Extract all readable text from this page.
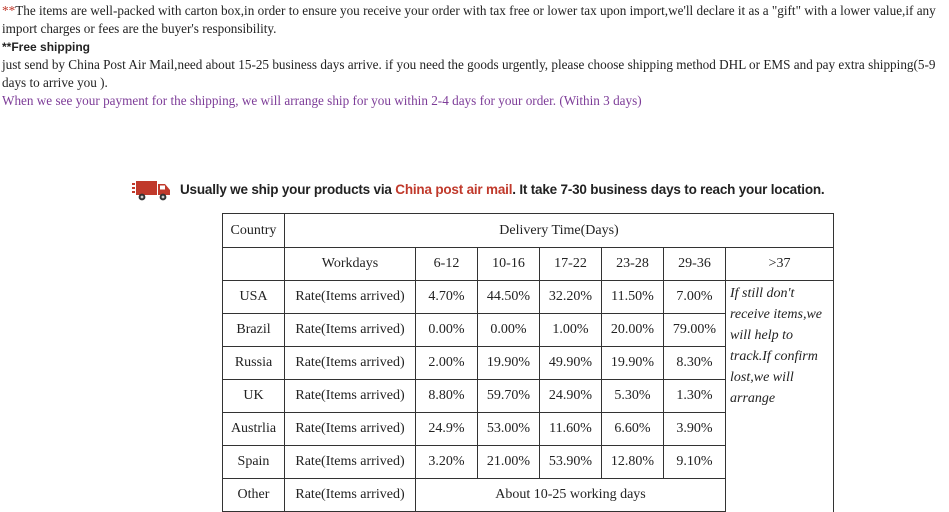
**The items are well-packed with carton box,in order to ensure you receive your order with tax free or lower tax upon import,we'll declare it as a "gift" with a lower value,if any import charges or fees are the buyer's responsibility.

**Free shipping

just send by China Post Air Mail,need about 15-25 business days arrive. if you need the goods urgently, please choose shipping method DHL or EMS and pay extra shipping(5-9 days to arrive you ).

When we see your payment for the shipping, we will arrange ship for you within 2-4 days for your order. (Within 3 days)

Usually we ship your products via China post air mail. It take 7-30 business days to reach your location.
Country	Delivery Time(Days)						
	Workdays	6-12	10-16	17-22	23-28	29-36	>37
USA	Rate(Items arrived)	4.70%	44.50%	32.20%	11.50%	7.00%	If still don't receive items,we will help to track.If confirm lost,we will arrange
Brazil	Rate(Items arrived)	0.00%	0.00%	1.00%	20.00%	79.00%	
Russia	Rate(Items arrived)	2.00%	19.90%	49.90%	19.90%	8.30%	
UK	Rate(Items arrived)	8.80%	59.70%	24.90%	5.30%	1.30%	
Austrlia	Rate(Items arrived)	24.9%	53.00%	11.60%	6.60%	3.90%	
Spain	Rate(Items arrived)	3.20%	21.00%	53.90%	12.80%	9.10%	
Other	Rate(Items arrived)	About 10-25 working days					
